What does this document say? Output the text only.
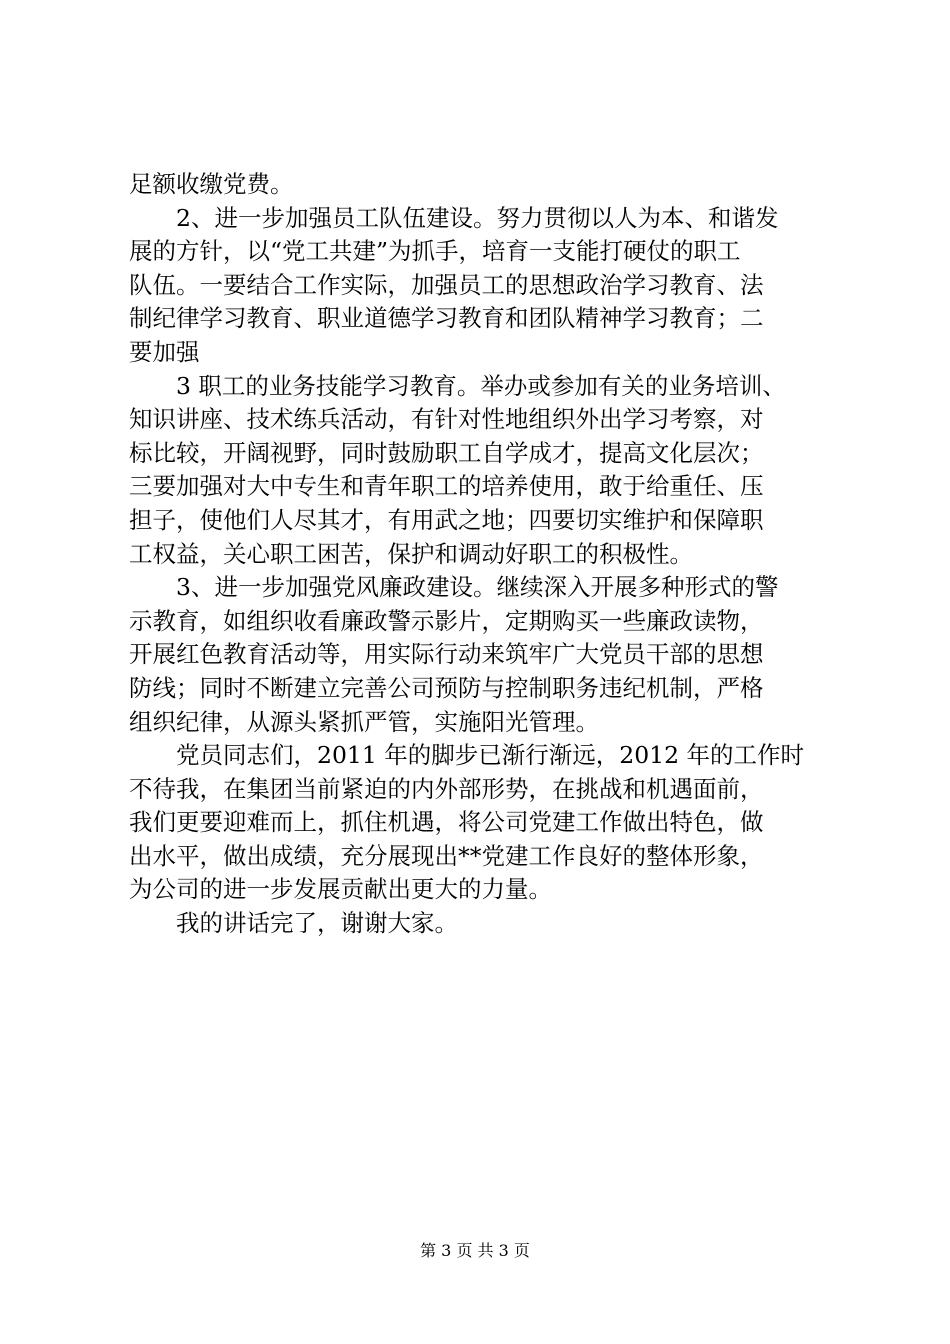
足额收缴党费。
2、进一步加强员工队伍建设。努力贯彻以人为本、和谐发
展的方针，以“党工共建”为抓手，培育一支能打硬仗的职工
队伍。一要结合工作实际，加强员工的思想政治学习教育、法
制纪律学习教育、职业道德学习教育和团队精神学习教育；二
要加强
3 职工的业务技能学习教育。举办或参加有关的业务培训、
知识讲座、技术练兵活动，有针对性地组织外出学习考察，对
标比较，开阔视野，同时鼓励职工自学成才，提高文化层次；
三要加强对大中专生和青年职工的培养使用，敢于给重任、压
担子，使他们人尽其才，有用武之地；四要切实维护和保障职
工权益，关心职工困苦，保护和调动好职工的积极性。
3、进一步加强党风廉政建设。继续深入开展多种形式的警
示教育，如组织收看廉政警示影片，定期购买一些廉政读物，
开展红色教育活动等，用实际行动来筑牢广大党员干部的思想
防线；同时不断建立完善公司预防与控制职务违纪机制，严格
组织纪律，从源头紧抓严管，实施阳光管理。
党员同志们，2011 年的脚步已渐行渐远，2012 年的工作时
不待我，在集团当前紧迫的内外部形势，在挑战和机遇面前，
我们更要迎难而上，抓住机遇，将公司党建工作做出特色，做
出水平，做出成绩，充分展现出**党建工作良好的整体形象，
为公司的进一步发展贡献出更大的力量。
我的讲话完了，谢谢大家。
第 3 页 共 3 页
